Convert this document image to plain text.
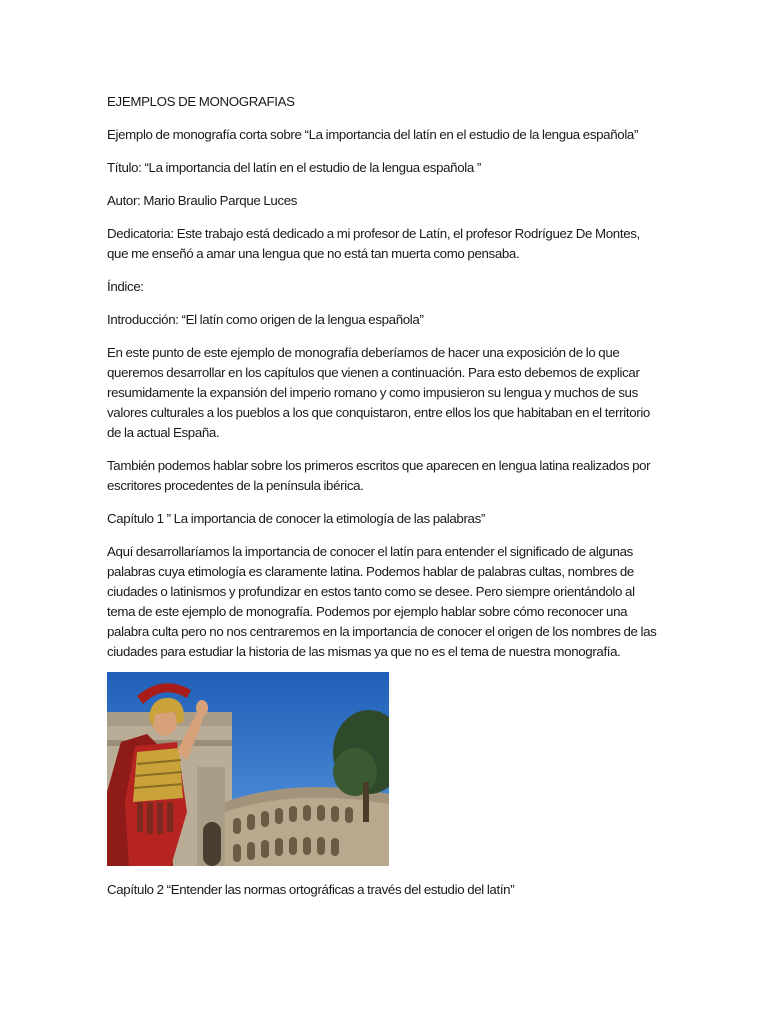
EJEMPLOS DE MONOGRAFIAS

Ejemplo de monografía corta sobre “La importancia del latín en el estudio de la lengua española”

Título: “La importancia del latín en el estudio de la lengua española ”

Autor: Mario Braulio Parque Luces

Dedicatoria: Este trabajo está dedicado a mi profesor de Latín, el profesor Rodríguez De Montes, que me enseñó a amar una lengua que no está tan muerta como pensaba.

Índice:

Introducción: “El latín como origen de la lengua española”

En este punto de este ejemplo de monografía deberíamos de hacer una exposición de lo que queremos desarrollar en los capítulos que vienen a continuación. Para esto debemos de explicar resumidamente la expansión del imperio romano y como impusieron su lengua y muchos de sus valores culturales a los pueblos a los que conquistaron, entre ellos los que habitaban en el territorio de la actual España.

También podemos hablar sobre los primeros escritos que aparecen en lengua latina realizados por escritores procedentes de la península ibérica.

Capítulo 1 ” La importancia de conocer la etimología de las palabras”

Aquí desarrollaríamos la importancia de conocer el latín para entender el significado de algunas palabras cuya etimología es claramente latina. Podemos hablar de palabras cultas, nombres de ciudades o latinismos y profundizar en estos tanto como se desee. Pero siempre orientándolo al tema de este ejemplo de monografía. Podemos por ejemplo hablar sobre cómo reconocer una palabra culta pero no nos centraremos en la importancia de conocer el origen de los nombres de las ciudades para estudiar la historia de las mismas ya que no es el tema de nuestra monografía.

Capítulo 2 “Entender las normas ortográficas a través del estudio del latín”
